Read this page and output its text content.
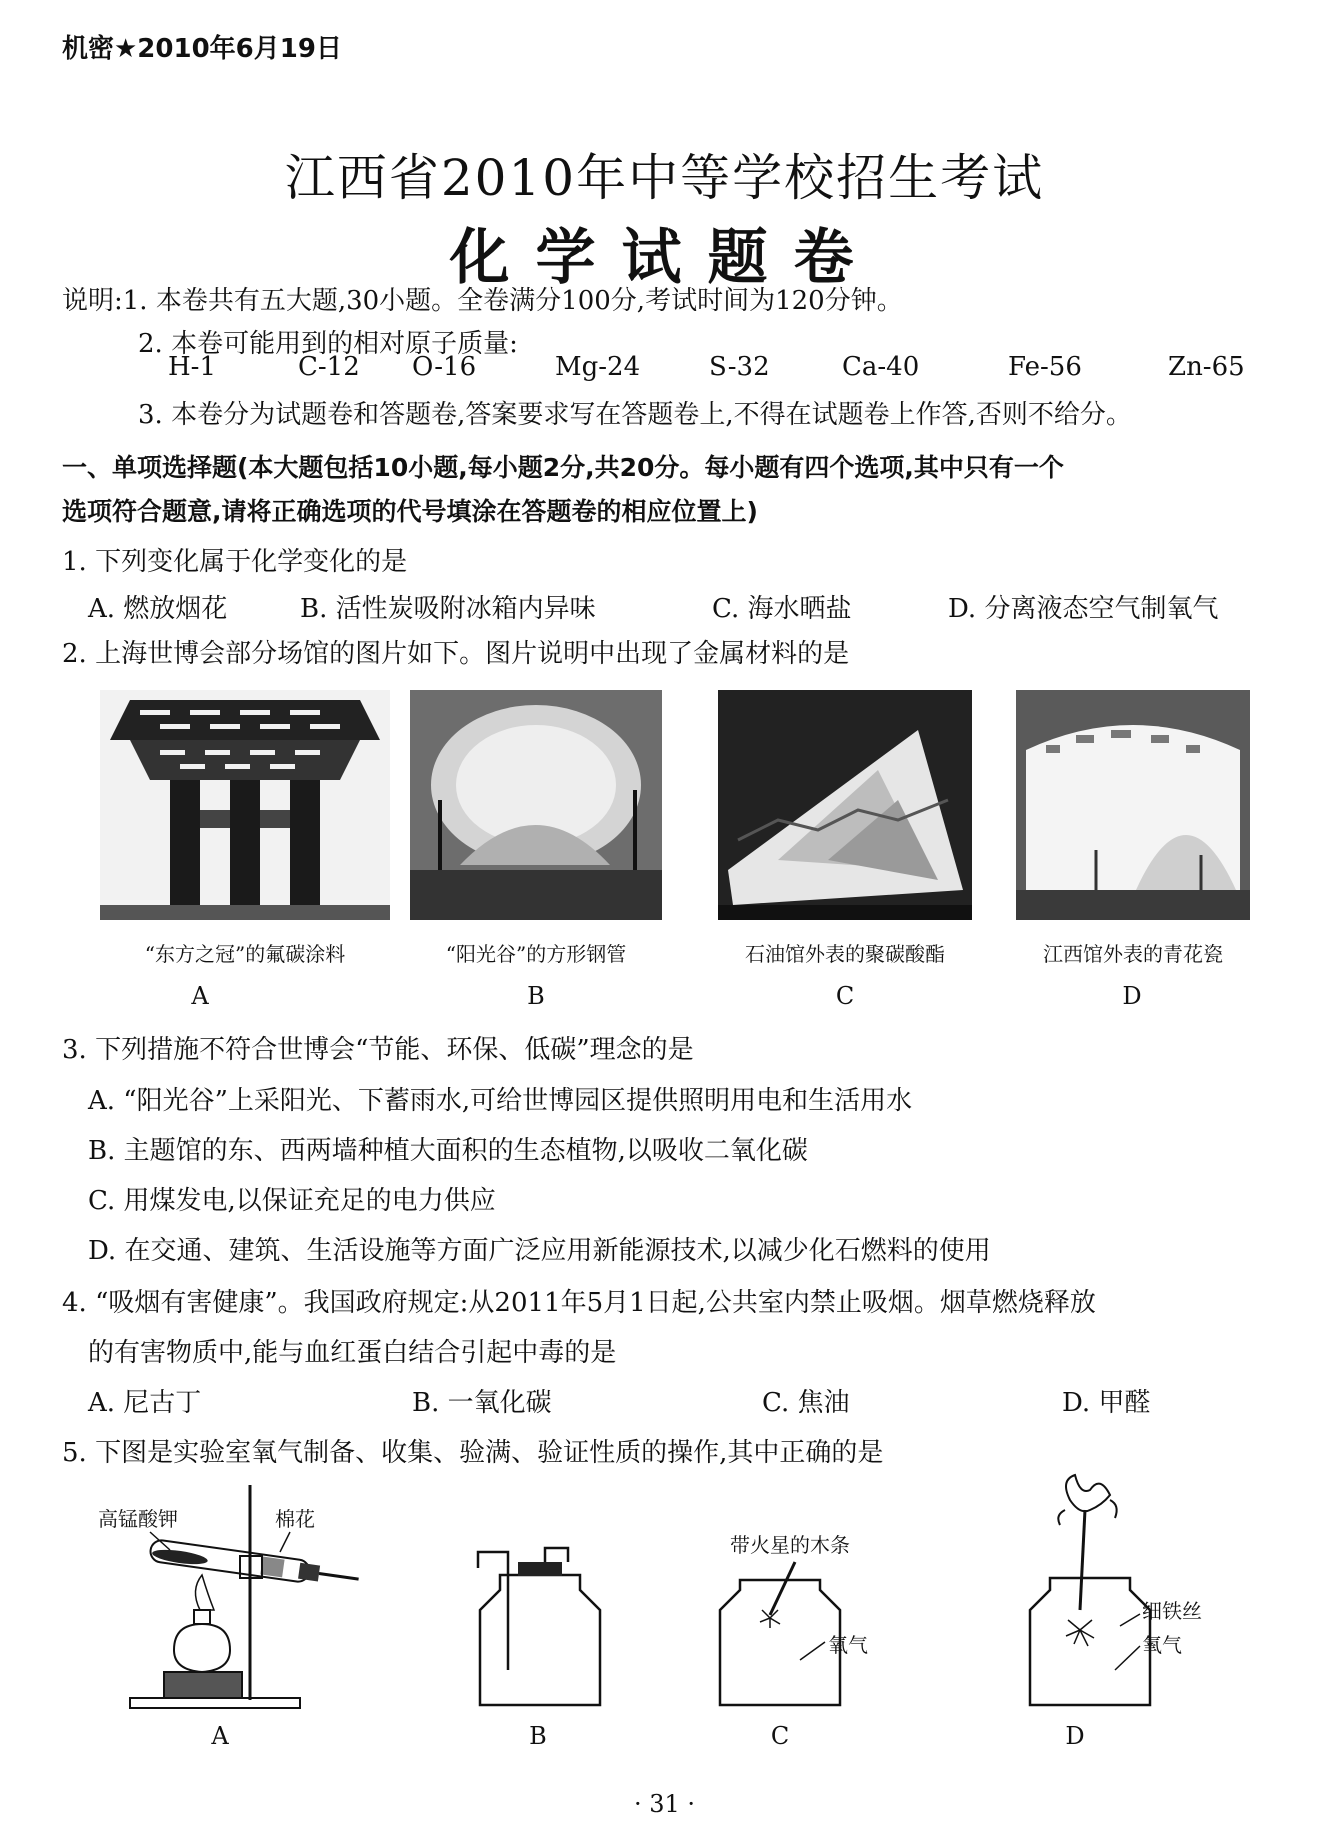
机密★2010年6月19日
江西省2010年中等学校招生考试
化学试题卷
说明:1. 本卷共有五大题,30小题。全卷满分100分,考试时间为120分钟。
2. 本卷可能用到的相对原子质量:
H-1	C-12 O-16	Mg-24	S-32	Ca-40	Fe-56	Zn-65
3. 本卷分为试题卷和答题卷,答案要求写在答题卷上,不得在试题卷上作答,否则不给分。
一、单项选择题(本大题包括10小题,每小题2分,共20分。每小题有四个选项,其中只有一个
选项符合题意,请将正确选项的代号填涂在答题卷的相应位置上)
1. 下列变化属于化学变化的是
A. 燃放烟花	B. 活性炭吸附冰箱内异味	C. 海水晒盐	D. 分离液态空气制氧气
2. 上海世博会部分场馆的图片如下。图片说明中出现了金属材料的是
“东方之冠”的氟碳涂料	“阳光谷”的方形钢管	石油馆外表的聚碳酸酯	江西馆外表的青花瓷
A	B	C	D
3. 下列措施不符合世博会“节能、环保、低碳”理念的是
A. “阳光谷”上采阳光、下蓄雨水,可给世博园区提供照明用电和生活用水
B. 主题馆的东、西两墙种植大面积的生态植物,以吸收二氧化碳
C. 用煤发电,以保证充足的电力供应
D. 在交通、建筑、生活设施等方面广泛应用新能源技术,以减少化石燃料的使用
4. “吸烟有害健康”。我国政府规定:从2011年5月1日起,公共室内禁止吸烟。烟草燃烧释放
的有害物质中,能与血红蛋白结合引起中毒的是
A. 尼古丁	B. 一氧化碳	C. 焦油	D. 甲醛
5. 下图是实验室氧气制备、收集、验满、验证性质的操作,其中正确的是
高锰酸钾	棉花
带火星的木条
氧气
细铁丝
氧气
A	B	C	D
· 31 ·
